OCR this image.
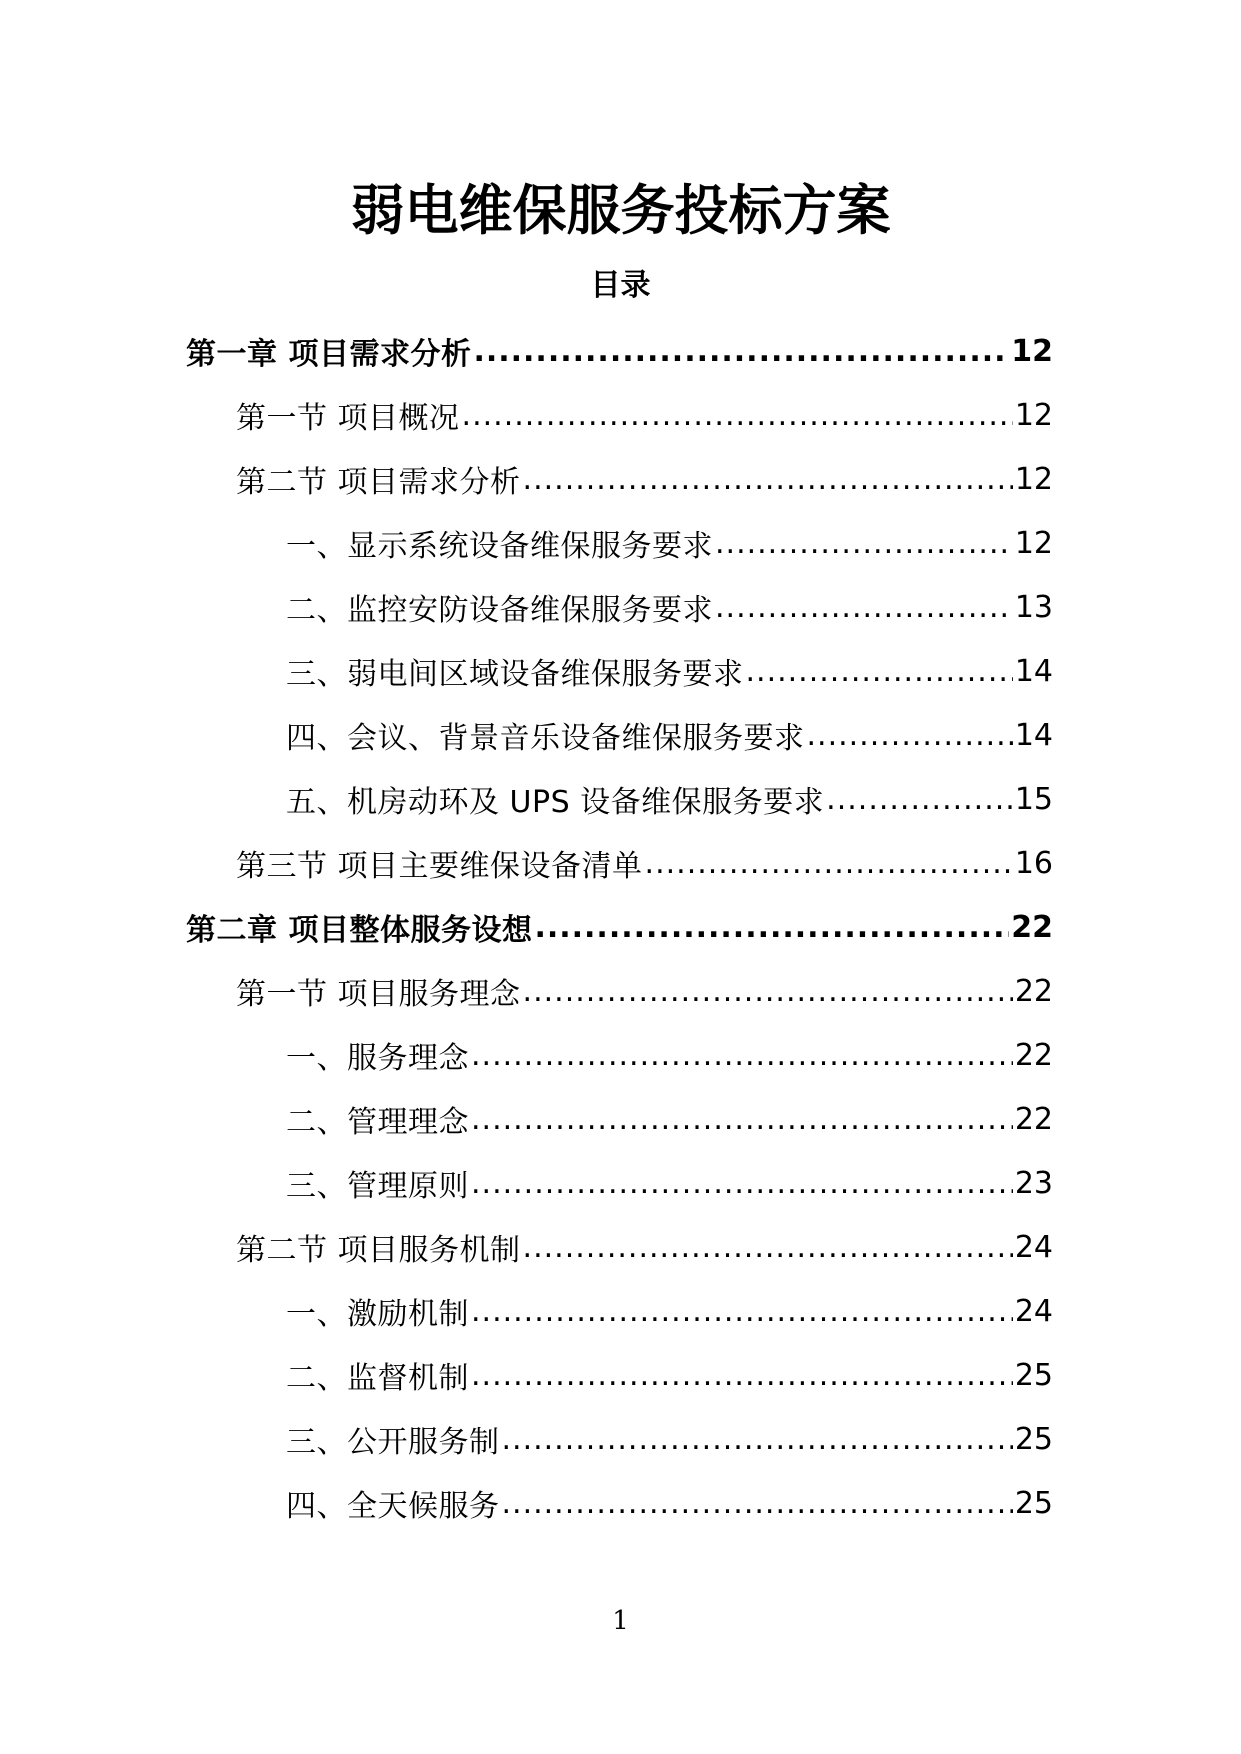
弱电维保服务投标方案
目录
第一章 项目需求分析 .....	12
第一节 项目概况 .....	12
第二节 项目需求分析 .....	12
一、显示系统设备维保服务要求 .....	12
二、监控安防设备维保服务要求 .....	13
三、弱电间区域设备维保服务要求 .....	14
四、会议、背景音乐设备维保服务要求 .....	14
五、机房动环及 UPS 设备维保服务要求 .....	15
第三节 项目主要维保设备清单 .....	16
第二章 项目整体服务设想 .....	22
第一节 项目服务理念 .....	22
一、服务理念 .....	22
二、管理理念 .....	22
三、管理原则 .....	23
第二节 项目服务机制 .....	24
一、激励机制 .....	24
二、监督机制 .....	25
三、公开服务制 .....	25
四、全天候服务 .....	25
1
